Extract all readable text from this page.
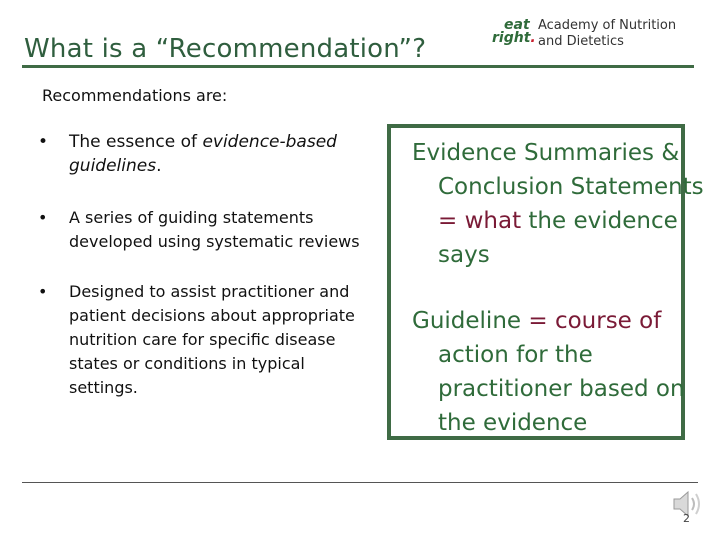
What is a “Recommendation”?
eat
right.
Academy of Nutrition
and Dietetics
Recommendations are:
• The essence of evidence-based guidelines.
• A series of guiding statements developed using systematic reviews
• Designed to assist practitioner and patient decisions about appropriate nutrition care for specific disease states or conditions in typical settings.

Evidence Summaries & Conclusion Statements = what the evidence says

Guideline = course of action for the practitioner based on the evidence

2
